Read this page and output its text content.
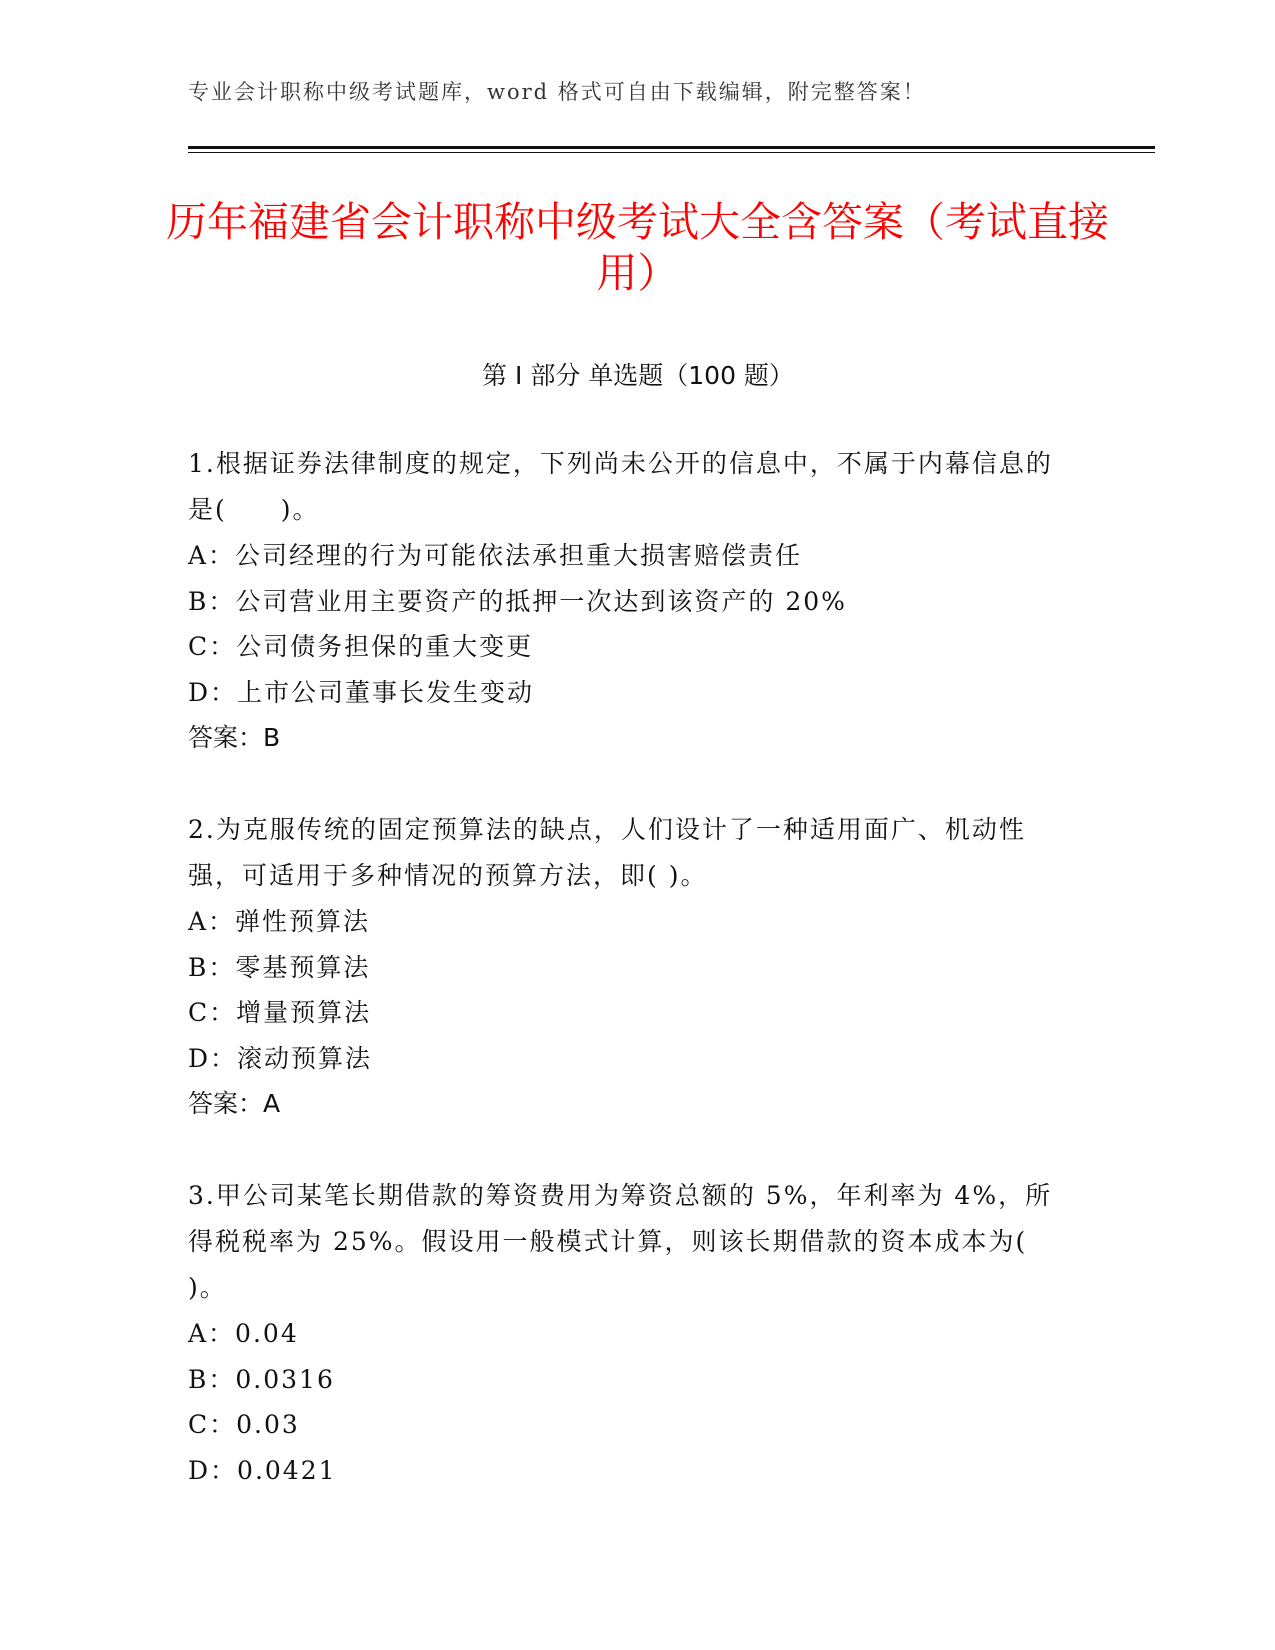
专业会计职称中级考试题库，word 格式可自由下载编辑，附完整答案！
历年福建省会计职称中级考试大全含答案（考试直接用）
第 I 部分 单选题（100 题）

1.根据证券法律制度的规定，下列尚未公开的信息中，不属于内幕信息的是(　　)。

A：公司经理的行为可能依法承担重大损害赔偿责任

B：公司营业用主要资产的抵押一次达到该资产的 20%

C：公司债务担保的重大变更

D：上市公司董事长发生变动

答案：B

2.为克服传统的固定预算法的缺点，人们设计了一种适用面广、机动性强，可适用于多种情况的预算方法，即( )。

A：弹性预算法

B：零基预算法

C：增量预算法

D：滚动预算法

答案：A

3.甲公司某笔长期借款的筹资费用为筹资总额的 5%，年利率为 4%，所得税税率为 25%。假设用一般模式计算，则该长期借款的资本成本为( )。

A：0.04

B：0.0316

C：0.03

D：0.0421
